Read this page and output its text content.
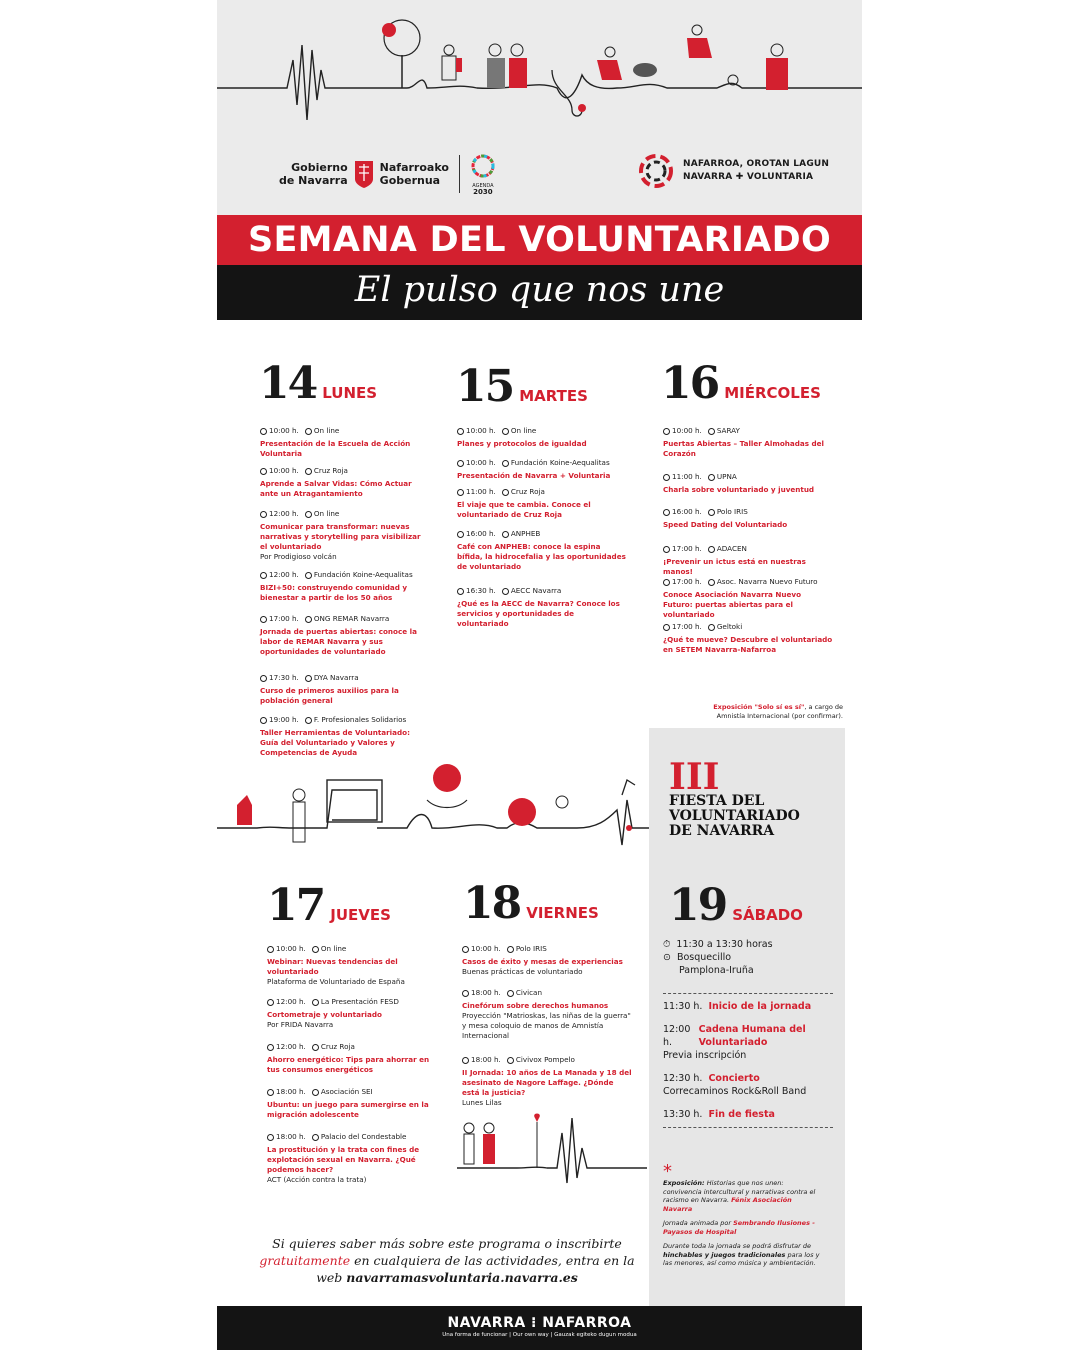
Gobierno
de Navarra
Nafarroako
Gobernua	AGENDA
2030
NAFARROA, OROTAN LAGUN
NAVARRA ✚ VOLUNTARIA
SEMANA DEL VOLUNTARIADO
El pulso que nos une
14 LUNES 15 MARTES 16 MIÉRCOLES
10:00 h.	On line
Presentación de la Escuela de Acción Voluntaria
10:00 h.	Cruz Roja
Aprende a Salvar Vidas: Cómo Actuar ante un Atragantamiento
12:00 h.	On line
Comunicar para transformar: nuevas narrativas y storytelling para visibilizar el voluntariado
Por Prodigioso volcán
12:00 h.	Fundación Koine-Aequalitas
BIZI+50: construyendo comunidad y bienestar a partir de los 50 años
17:00 h.	ONG REMAR Navarra
Jornada de puertas abiertas: conoce la labor de REMAR Navarra y sus oportunidades de voluntariado
17:30 h.	DYA Navarra
Curso de primeros auxilios para la población general
19:00 h.	F. Profesionales Solidarios
Taller Herramientas de Voluntariado: Guía del Voluntariado y Valores y Competencias de Ayuda
10:00 h.	On line
Planes y protocolos de igualdad
10:00 h.	Fundación Koine-Aequalitas
Presentación de Navarra + Voluntaria
11:00 h.	Cruz Roja
El viaje que te cambia. Conoce el voluntariado de Cruz Roja
16:00 h.	ANPHEB
Café con ANPHEB: conoce la espina bífida, la hidrocefalia y las oportunidades de voluntariado
16:30 h.	AECC Navarra
¿Qué es la AECC de Navarra? Conoce los servicios y oportunidades de voluntariado
10:00 h.	SARAY
Puertas Abiertas – Taller Almohadas del Corazón
11:00 h.	UPNA
Charla sobre voluntariado y juventud
16:00 h.	Polo IRIS
Speed Dating del Voluntariado
17:00 h.	ADACEN
¡Prevenir un ictus está en nuestras manos!
17:00 h.	Asoc. Navarra Nuevo Futuro
Conoce Asociación Navarra Nuevo Futuro: puertas abiertas para el voluntariado
17:00 h.	Geltoki
¿Qué te mueve? Descubre el voluntariado en SETEM Navarra-Nafarroa
Exposición "Solo sí es sí", a cargo de Amnistía Internacional (por confirmar).
III
FIESTA DEL
VOLUNTARIADO
DE NAVARRA
17 JUEVES 18 VIERNES 19 SÁBADO
10:00 h.	On line
Webinar: Nuevas tendencias del voluntariado
Plataforma de Voluntariado de España
12:00 h.	La Presentación FESD
Cortometraje y voluntariado
Por FRIDA Navarra
12:00 h.	Cruz Roja
Ahorro energético: Tips para ahorrar en tus consumos energéticos
18:00 h.	Asociación SEI
Ubuntu: un juego para sumergirse en la migración adolescente
18:00 h.	Palacio del Condestable
La prostitución y la trata con fines de explotación sexual en Navarra. ¿Qué podemos hacer?
ACT (Acción contra la trata)
10:00 h.	Polo IRIS
Casos de éxito y mesas de experiencias
Buenas prácticas de voluntariado
18:00 h.	Civican
Cinefórum sobre derechos humanos
Proyección "Matrioskas, las niñas de la guerra" y mesa coloquio de manos de Amnistía Internacional
18:00 h.	Civivox Pompelo
II Jornada: 10 años de La Manada y 18 del asesinato de Nagore Laffage. ¿Dónde está la justicia?
Lunes Lilas
⏱ 11:30 a 13:30 horas
⊙ Bosquecillo
Pamplona-Iruña
11:30 h. Inicio de la jornada
12:00 h.
Cadena Humana del Voluntariado
Previa inscripción
12:30 h. Concierto
Correcaminos Rock&Roll Band
13:30 h. Fin de fiesta
*

Exposición: Historias que nos unen: convivencia intercultural y narrativas contra el racismo en Navarra. Fénix Asociación Navarra

Jornada animada por Sembrando Ilusiones - Payasos de Hospital

Durante toda la jornada se podrá disfrutar de hinchables y juegos tradicionales para los y las menores, así como música y ambientación.

Si quieres saber más sobre este programa o inscribirte gratuitamente en cualquiera de las actividades, entra en la web navarramasvoluntaria.navarra.es
NAVARRA ⁝ NAFARROA
Una forma de funcionar | Our own way | Gauzak egiteko dugun modua
